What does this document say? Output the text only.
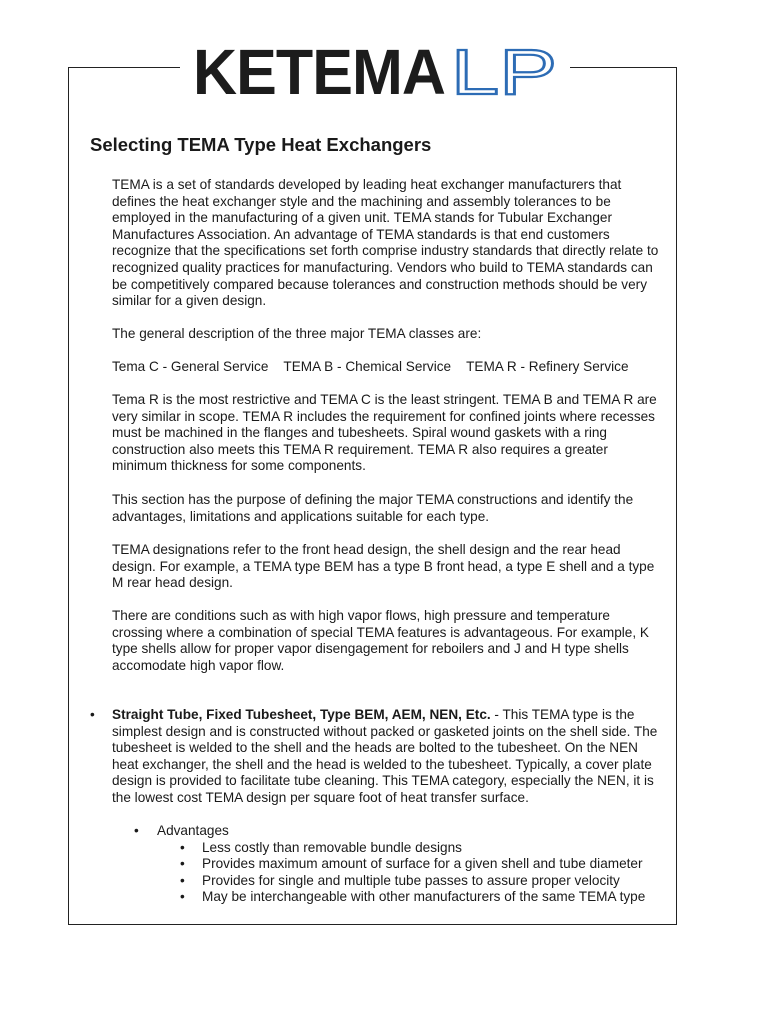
KETEMA LP
Selecting TEMA Type Heat Exchangers

TEMA is a set of standards developed by leading heat exchanger manufacturers that defines the heat exchanger style and the machining and assembly tolerances to be employed in the manufacturing of a given unit. TEMA stands for Tubular Exchanger Manufactures Association. An advantage of TEMA standards is that end customers recognize that the specifications set forth comprise industry standards that directly relate to recognized quality practices for manufacturing. Vendors who build to TEMA standards can be competitively compared because tolerances and construction methods should be very similar for a given design.

The general description of the three major TEMA classes are:

Tema C - General Service TEMA B - Chemical Service TEMA R - Refinery Service

Tema R is the most restrictive and TEMA C is the least stringent. TEMA B and TEMA R are very similar in scope. TEMA R includes the requirement for confined joints where recesses must be machined in the flanges and tubesheets. Spiral wound gaskets with a ring construction also meets this TEMA R requirement. TEMA R also requires a greater minimum thickness for some components.

This section has the purpose of defining the major TEMA constructions and identify the advantages, limitations and applications suitable for each type.

TEMA designations refer to the front head design, the shell design and the rear head design. For example, a TEMA type BEM has a type B front head, a type E shell and a type M rear head design.

There are conditions such as with high vapor flows, high pressure and temperature crossing where a combination of special TEMA features is advantageous. For example, K type shells allow for proper vapor disengagement for reboilers and J and H type shells accomodate high vapor flow.

•	Straight Tube, Fixed Tubesheet, Type BEM, AEM, NEN, Etc. - This TEMA type is the simplest design and is constructed without packed or gasketed joints on the shell side. The tubesheet is welded to the shell and the heads are bolted to the tubesheet. On the NEN heat exchanger, the shell and the head is welded to the tubesheet. Typically, a cover plate design is provided to facilitate tube cleaning. This TEMA category, especially the NEN, it is the lowest cost TEMA design per square foot of heat transfer surface.
• Advantages
• Less costly than removable bundle designs
• Provides maximum amount of surface for a given shell and tube diameter
• Provides for single and multiple tube passes to assure proper velocity
• May be interchangeable with other manufacturers of the same TEMA type
